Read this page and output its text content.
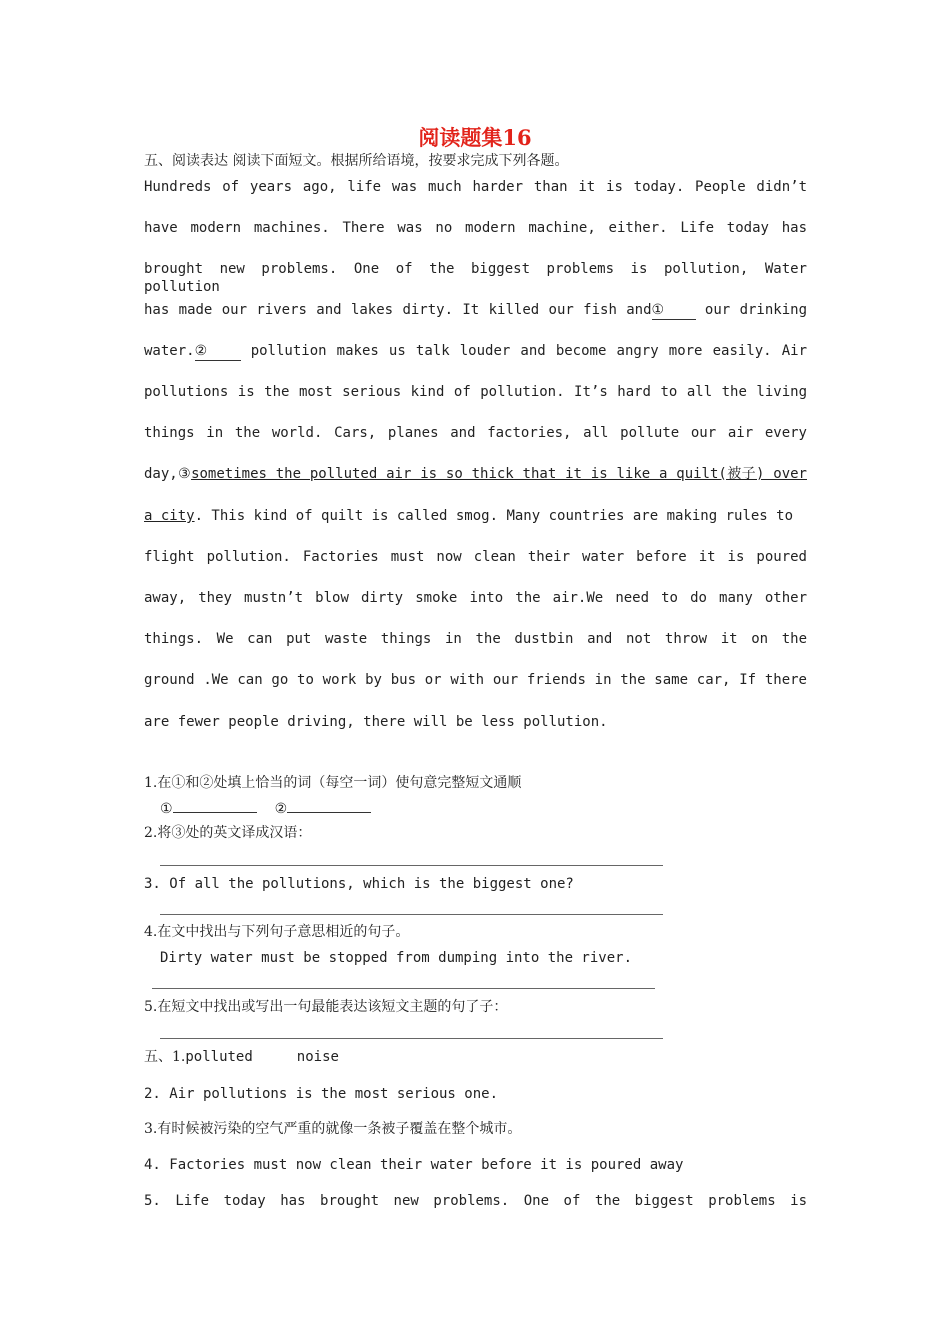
阅读题集16
五、阅读表达 阅读下面短文。根据所给语境，按要求完成下列各题。
Hundreds of years ago, life was much harder than it is today. People didn’t
have modern machines. There was no modern machine, either. Life today has
brought new problems. One of the biggest problems is pollution, Water pollution
has made our rivers and lakes dirty. It killed our fish and①	our drinking
water.②	pollution makes us talk louder and become angry more easily. Air
pollutions is the most serious kind of pollution. It’s hard to all the living
things in the world. Cars, planes and factories, all pollute our air every
day,③sometimes the polluted air is so thick that it is like a quilt(被子) over
a city. This kind of quilt is called smog. Many countries are making rules to
flight pollution. Factories must now clean their water before it is poured
away, they mustn’t blow dirty smoke into the air.We need to do many other
things. We can put waste things in the dustbin and not throw it on the
ground .We can go to work by bus or with our friends in the same car, If there
are fewer people driving, there will be less pollution.
1.在①和②处填上恰当的词（每空一词）使句意完整短文通顺
①	②
2.将③处的英文译成汉语：
3. Of all the pollutions, which is the biggest one?
4.在文中找出与下列句子意思相近的句子。
Dirty water must be stopped from dumping into the river.
5.在短文中找出或写出一句最能表达该短文主题的句了子：
五、1.polluted	noise
2. Air pollutions is the most serious one.
3.有时候被污染的空气严重的就像一条被子覆盖在整个城市。
4. Factories must now clean their water before it is poured away
5. Life today has brought new problems. One of the biggest problems is
